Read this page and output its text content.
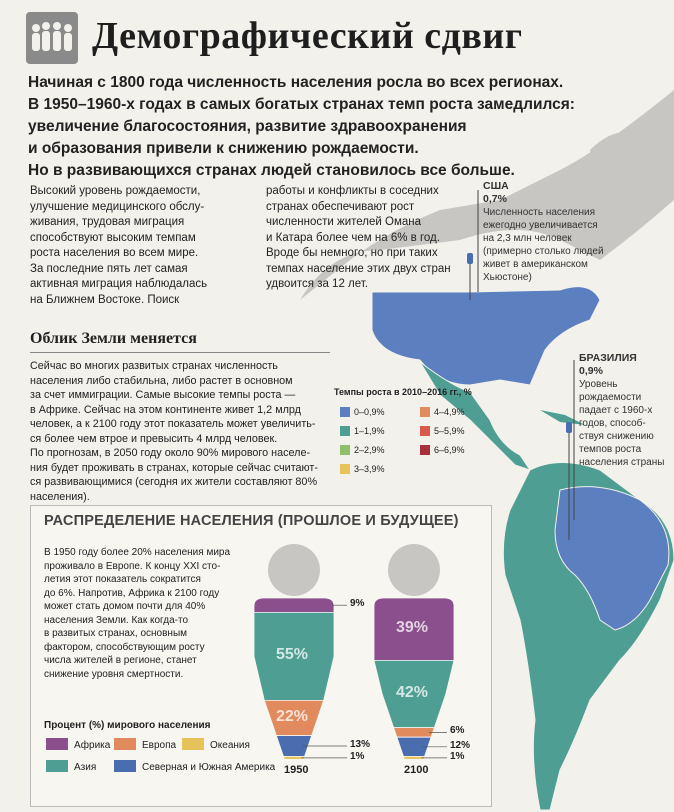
Демографический сдвиг
Начиная с 1800 года численность населения росла во всех регионах.
В 1950–1960-х годах в самых богатых странах темп роста замедлился:
увеличение благосостояния, развитие здравоохранения
и образования привели к снижению рождаемости.
Но в развивающихся странах людей становилось все больше.
Высокий уровень рождаемости,
улучшение медицинского обслу-
живания, трудовая миграция
способствуют высоким темпам
роста населения во всем мире.
За последние пять лет самая
активная миграция наблюдалась
на Ближнем Востоке. Поиск
работы и конфликты в соседних
странах обеспечивают рост
численности жителей Омана
и Катара более чем на 6% в год.
Вроде бы немного, но при таких
темпах население этих двух стран
удвоится за 12 лет.
США
0,7%
Численность населения
ежегодно увеличивается
на 2,3 млн человек
(примерно столько людей
живет в американском
Хьюстоне)
БРАЗИЛИЯ
0,9%
Уровень
рождаемости
падает с 1960-х
годов, способ-
ствуя снижению
темпов роста
населения страны
Облик Земли меняется
Сейчас во многих развитых странах численность
населения либо стабильна, либо растет в основном
за счет иммиграции. Самые высокие темпы роста —
в Африке. Сейчас на этом континенте живет 1,2 млрд
человек, а к 2100 году этот показатель может увеличить-
ся более чем втрое и превысить 4 млрд человек.
По прогнозам, в 2050 году около 90% мирового населе-
ния будет проживать в странах, которые сейчас считают-
ся развивающимися (сегодня их жители составляют 80%
населения).
Темпы роста в 2010–2016 гг., %
0–0,9%
1–1,9%
2–2,9%
3–3,9%
4–4,9%
5–5,9%
6–6,9%
РАСПРЕДЕЛЕНИЕ НАСЕЛЕНИЯ (ПРОШЛОЕ И БУДУЩЕЕ)
В 1950 году более 20% населения мира
проживало в Европе. К концу XXI сто-
летия этот показатель сократится
до 6%. Напротив, Африка к 2100 году
может стать домом почти для 40%
населения Земли. Как когда-то
в развитых странах, основным
фактором, способствующим росту
числа жителей в регионе, станет
снижение уровня смертности.
9%
55%
22%
13%
1%
39%
42%
6%
12%
1%
Процент (%) мирового населения
Африка	Европа	Океания
Азия	Северная и Южная Америка 1950	2100
